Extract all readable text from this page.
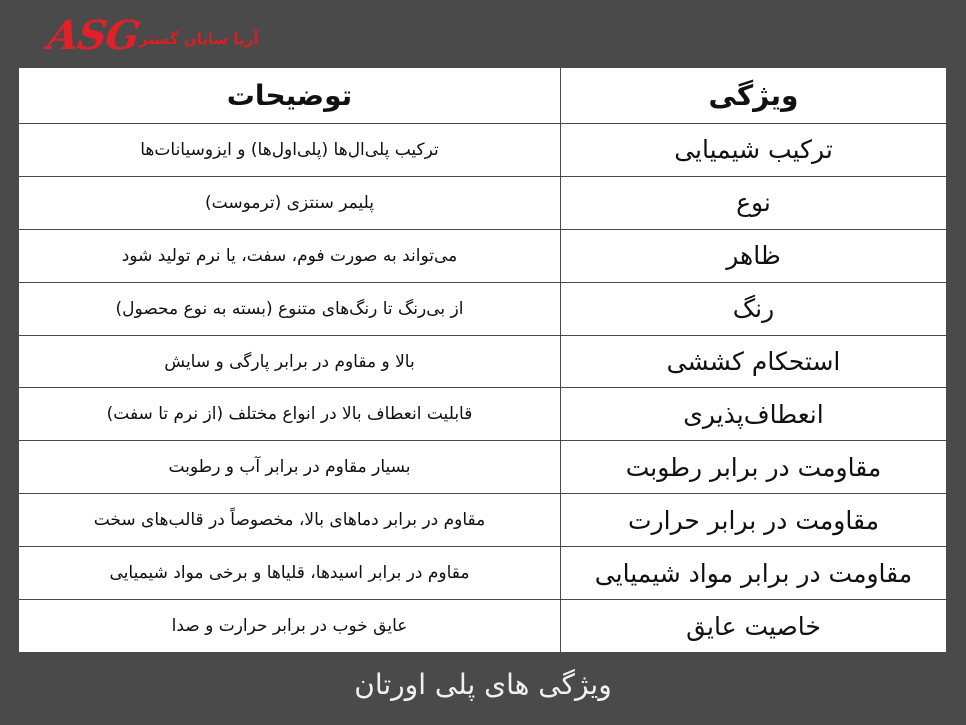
ASG
آریا سایان گستر
ویژگی	توضیحات
ترکیب شیمیایی	ترکیب پلی‌ال‌ها (پلی‌اول‌ها) و ایزوسیانات‌ها
نوع	پلیمر سنتزی (ترموست)
ظاهر	می‌تواند به صورت فوم، سفت، یا نرم تولید شود
رنگ	از بی‌رنگ تا رنگ‌های متنوع (بسته به نوع محصول)
استحکام کششی	بالا و مقاوم در برابر پارگی و سایش
انعطاف‌پذیری	قابلیت انعطاف بالا در انواع مختلف (از نرم تا سفت)
مقاومت در برابر رطوبت	بسیار مقاوم در برابر آب و رطوبت
مقاومت در برابر حرارت	مقاوم در برابر دماهای بالا، مخصوصاً در قالب‌های سخت
مقاومت در برابر مواد شیمیایی	مقاوم در برابر اسیدها، قلیاها و برخی مواد شیمیایی
خاصیت عایق	عایق خوب در برابر حرارت و صدا
ویژگی های پلی اورتان
